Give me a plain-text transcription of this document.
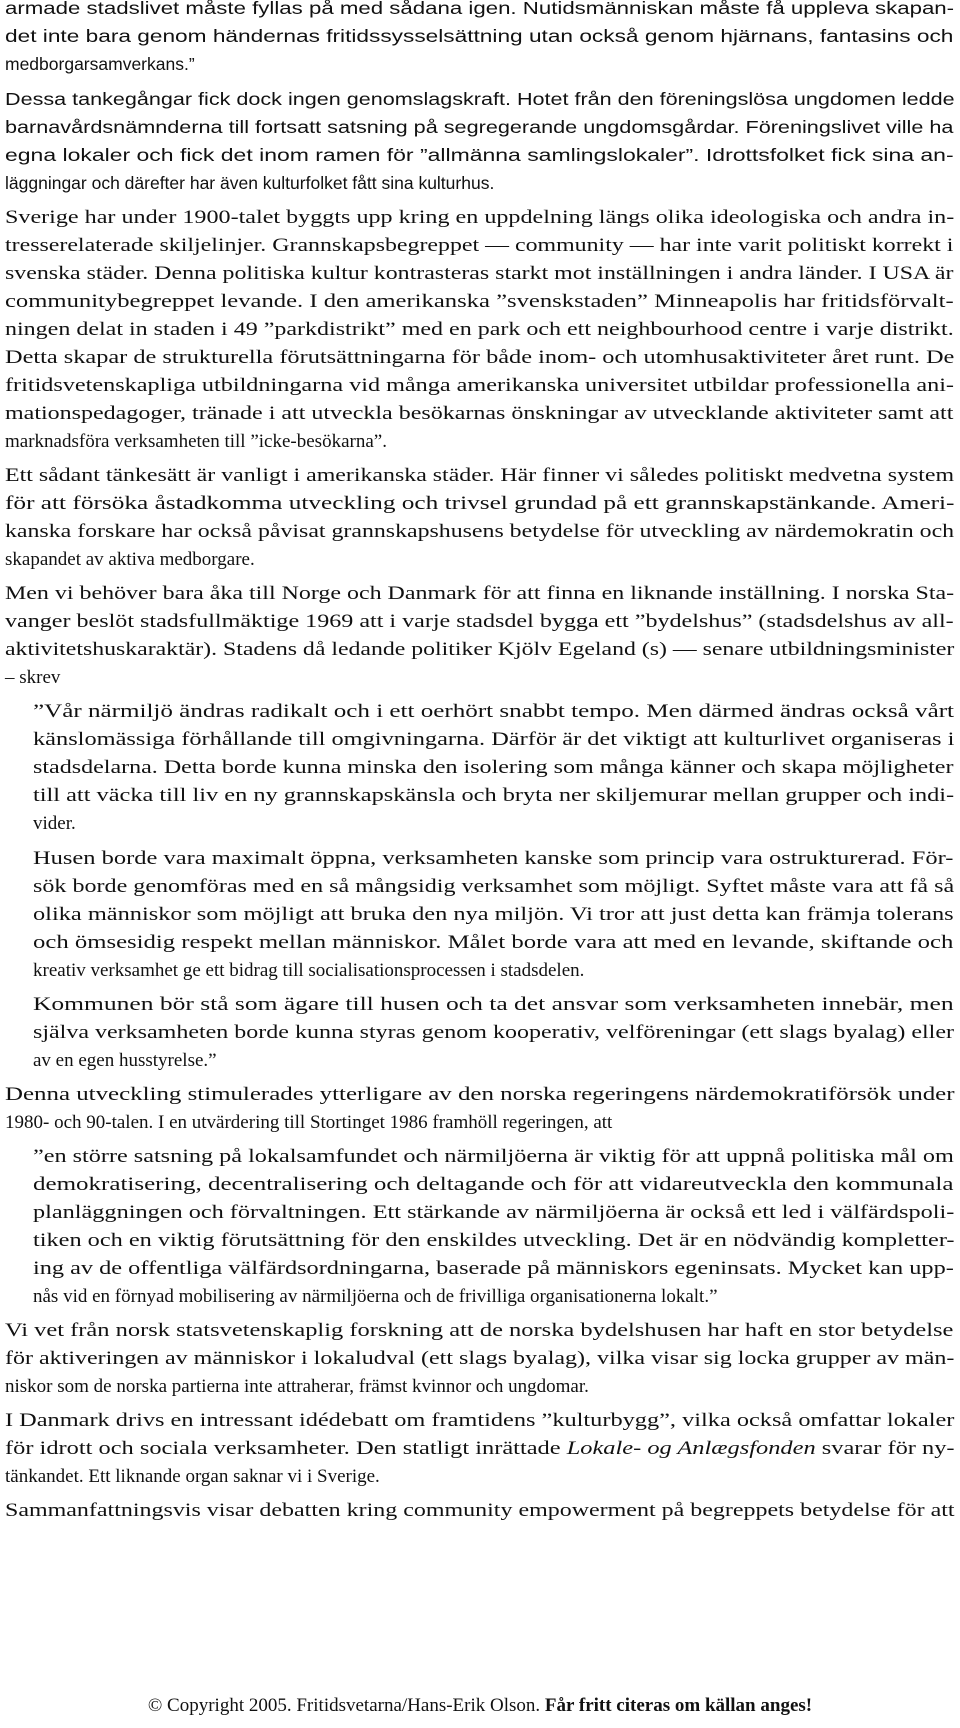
armade stadslivet måste fyllas på med sådana igen. Nutidsmänniskan måste få uppleva skapan-
det inte bara genom händernas fritidssysselsättning utan också genom hjärnans, fantasins och
medborgarsamverkans.”
Dessa tankegångar fick dock ingen genomslagskraft. Hotet från den föreningslösa ungdomen ledde
barnavårdsnämnderna till fortsatt satsning på segregerande ungdomsgårdar. Föreningslivet ville ha
egna lokaler och fick det inom ramen för ”allmänna samlingslokaler”. Idrottsfolket fick sina an-
läggningar och därefter har även kulturfolket fått sina kulturhus.
Sverige har under 1900-talet byggts upp kring en uppdelning längs olika ideologiska och andra in-
tresserelaterade skiljelinjer. Grannskapsbegreppet — community — har inte varit politiskt korrekt i
svenska städer. Denna politiska kultur kontrasteras starkt mot inställningen i andra länder. I USA är
communitybegreppet levande. I den amerikanska ”svenskstaden” Minneapolis har fritidsförvalt-
ningen delat in staden i 49 ”parkdistrikt” med en park och ett neighbourhood centre i varje distrikt.
Detta skapar de strukturella förutsättningarna för både inom- och utomhusaktiviteter året runt. De
fritidsvetenskapliga utbildningarna vid många amerikanska universitet utbildar professionella ani-
mationspedagoger, tränade i att utveckla besökarnas önskningar av utvecklande aktiviteter samt att
marknadsföra verksamheten till ”icke-besökarna”.
Ett sådant tänkesätt är vanligt i amerikanska städer. Här finner vi således politiskt medvetna system
för att försöka åstadkomma utveckling och trivsel grundad på ett grannskapstänkande. Ameri-
kanska forskare har också påvisat grannskapshusens betydelse för utveckling av närdemokratin och
skapandet av aktiva medborgare.
Men vi behöver bara åka till Norge och Danmark för att finna en liknande inställning. I norska Sta-
vanger beslöt stadsfullmäktige 1969 att i varje stadsdel bygga ett ”bydelshus” (stadsdelshus av all-
aktivitetshuskaraktär). Stadens då ledande politiker Kjölv Egeland (s) — senare utbildningsminister
– skrev
”Vår närmiljö ändras radikalt och i ett oerhört snabbt tempo. Men därmed ändras också vårt
känslomässiga förhållande till omgivningarna. Därför är det viktigt att kulturlivet organiseras i
stadsdelarna. Detta borde kunna minska den isolering som många känner och skapa möjligheter
till att väcka till liv en ny grannskapskänsla och bryta ner skiljemurar mellan grupper och indi-
vider.
Husen borde vara maximalt öppna, verksamheten kanske som princip vara ostrukturerad. För-
sök borde genomföras med en så mångsidig verksamhet som möjligt. Syftet måste vara att få så
olika människor som möjligt att bruka den nya miljön. Vi tror att just detta kan främja tolerans
och ömsesidig respekt mellan människor. Målet borde vara att med en levande, skiftande och
kreativ verksamhet ge ett bidrag till socialisationsprocessen i stadsdelen.
Kommunen bör stå som ägare till husen och ta det ansvar som verksamheten innebär, men
själva verksamheten borde kunna styras genom kooperativ, velföreningar (ett slags byalag) eller
av en egen husstyrelse.”
Denna utveckling stimulerades ytterligare av den norska regeringens närdemokratiförsök under
1980- och 90-talen. I en utvärdering till Stortinget 1986 framhöll regeringen, att
”en större satsning på lokalsamfundet och närmiljöerna är viktig för att uppnå politiska mål om
demokratisering, decentralisering och deltagande och för att vidareutveckla den kommunala
planläggningen och förvaltningen. Ett stärkande av närmiljöerna är också ett led i välfärdspoli-
tiken och en viktig förutsättning för den enskildes utveckling. Det är en nödvändig kompletter-
ing av de offentliga välfärdsordningarna, baserade på människors egeninsats. Mycket kan upp-
nås vid en förnyad mobilisering av närmiljöerna och de frivilliga organisationerna lokalt.”
Vi vet från norsk statsvetenskaplig forskning att de norska bydelshusen har haft en stor betydelse
för aktiveringen av människor i lokaludval (ett slags byalag), vilka visar sig locka grupper av män-
niskor som de norska partierna inte attraherar, främst kvinnor och ungdomar.
I Danmark drivs en intressant idédebatt om framtidens ”kulturbygg”, vilka också omfattar lokaler
för idrott och sociala verksamheter. Den statligt inrättade Lokale- og Anlægsfonden svarar för ny-
tänkandet. Ett liknande organ saknar vi i Sverige.
Sammanfattningsvis visar debatten kring community empowerment på begreppets betydelse för att
© Copyright 2005. Fritidsvetarna/Hans-Erik Olson. Får fritt citeras om källan anges!
